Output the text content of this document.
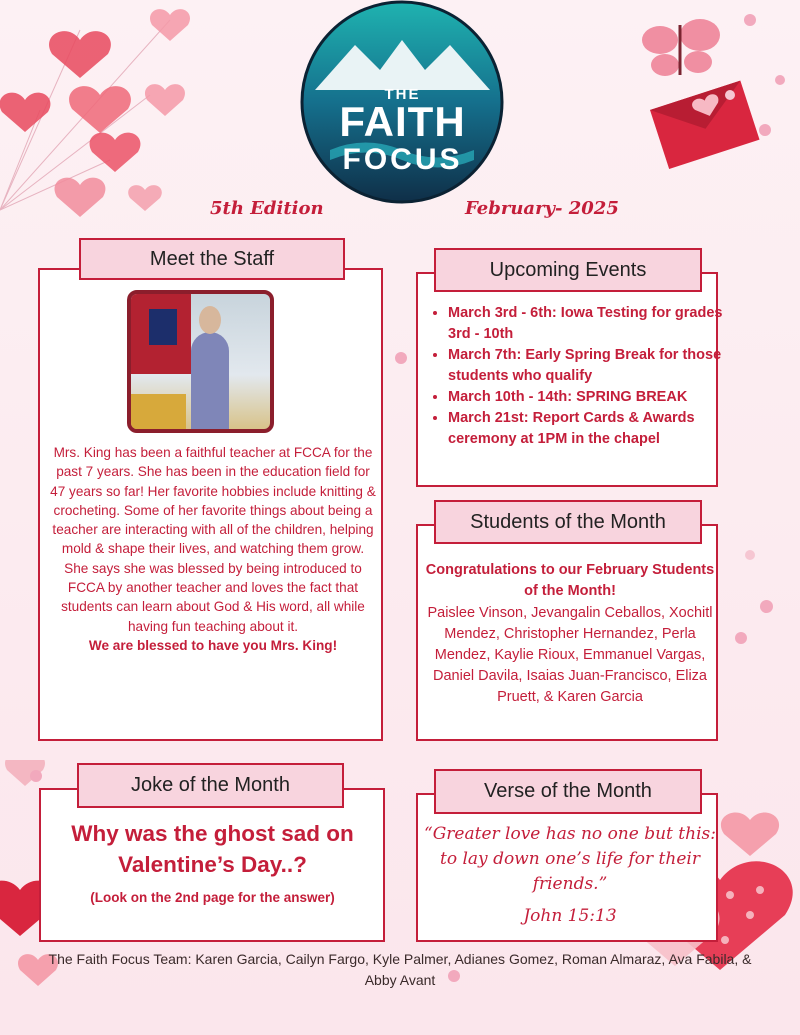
THE
FAITH
FOCUS
5th Edition	February- 2025
Meet the Staff
Mrs. King has been a faithful teacher at FCCA for the past 7 years. She has been in the education field for 47 years so far! Her favorite hobbies include knitting & crocheting. Some of her favorite things about being a teacher are interacting with all of the children, helping mold & shape their lives, and watching them grow. She says she was blessed by being introduced to FCCA by another teacher and loves the fact that students can learn about God & His word, all while having fun teaching about it.
We are blessed to have you Mrs. King!
Upcoming Events
• March 3rd - 6th: Iowa Testing for grades 3rd - 10th
• March 7th: Early Spring Break for those students who qualify
• March 10th - 14th: SPRING BREAK
• March 21st: Report Cards & Awards ceremony at 1PM in the chapel
Students of the Month
Congratulations to our February Students of the Month!
Paislee Vinson, Jevangalin Ceballos, Xochitl Mendez, Christopher Hernandez, Perla Mendez, Kaylie Rioux, Emmanuel Vargas, Daniel Davila, Isaias Juan-Francisco, Eliza Pruett, & Karen Garcia
Joke of the Month
Why was the ghost sad on Valentine’s Day..?
(Look on the 2nd page for the answer)
Verse of the Month
“Greater love has no one but this: to lay down one’s life for their friends.”
John 15:13
The Faith Focus Team: Karen Garcia, Cailyn Fargo, Kyle Palmer, Adianes Gomez, Roman Almaraz, Ava Fabila, & Abby Avant
